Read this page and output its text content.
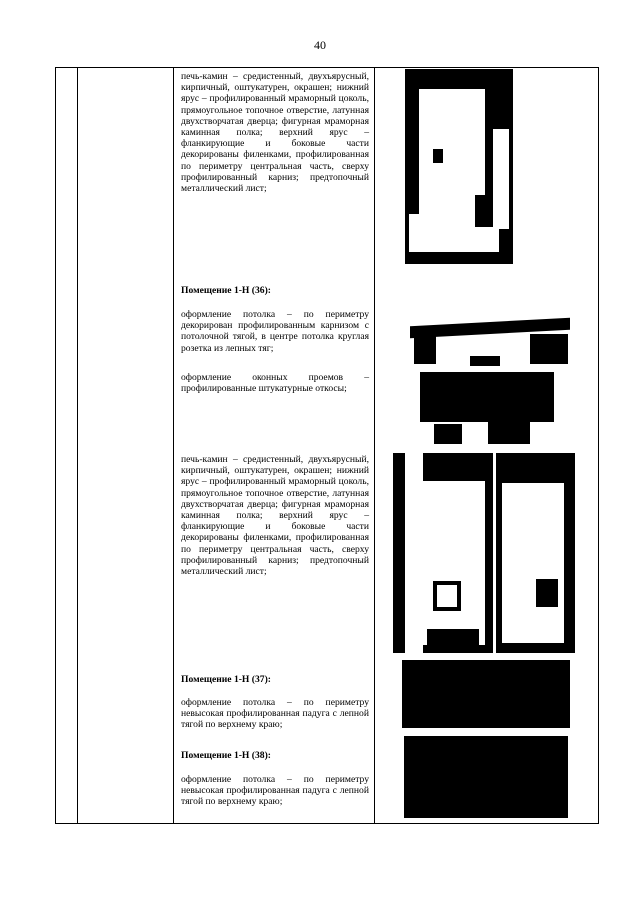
40

печь-камин – средистенный, двухъярусный, кирпичный, оштукатурен, окрашен; нижний ярус – профилированный мраморный цоколь, прямоугольное топочное отверстие, латунная двухстворчатая дверца; фигурная мраморная каминная полка; верхний ярус – фланкирующие и боковые части декорированы филенками, профилированная по периметру центральная часть, сверху профилированный карниз; предтопочный металлический лист;

Помещение 1-Н (36):

оформление потолка – по периметру декорирован профилированным карнизом с потолочной тягой, в центре потолка круглая розетка из лепных тяг;

оформление оконных проемов – профилированные штукатурные откосы;

печь-камин – средистенный, двухъярусный, кирпичный, оштукатурен, окрашен; нижний ярус – профилированный мраморный цоколь, прямоугольное топочное отверстие, латунная двухстворчатая дверца; фигурная мраморная каминная полка; верхний ярус – фланкирующие и боковые части декорированы филенками, профилированная по периметру центральная часть, сверху профилированный карниз; предтопочный металлический лист;

Помещение 1-Н (37):

оформление потолка – по периметру невысокая профилированная падуга с лепной тягой по верхнему краю;

Помещение 1-Н (38):

оформление потолка – по периметру невысокая профилированная падуга с лепной тягой по верхнему краю;
